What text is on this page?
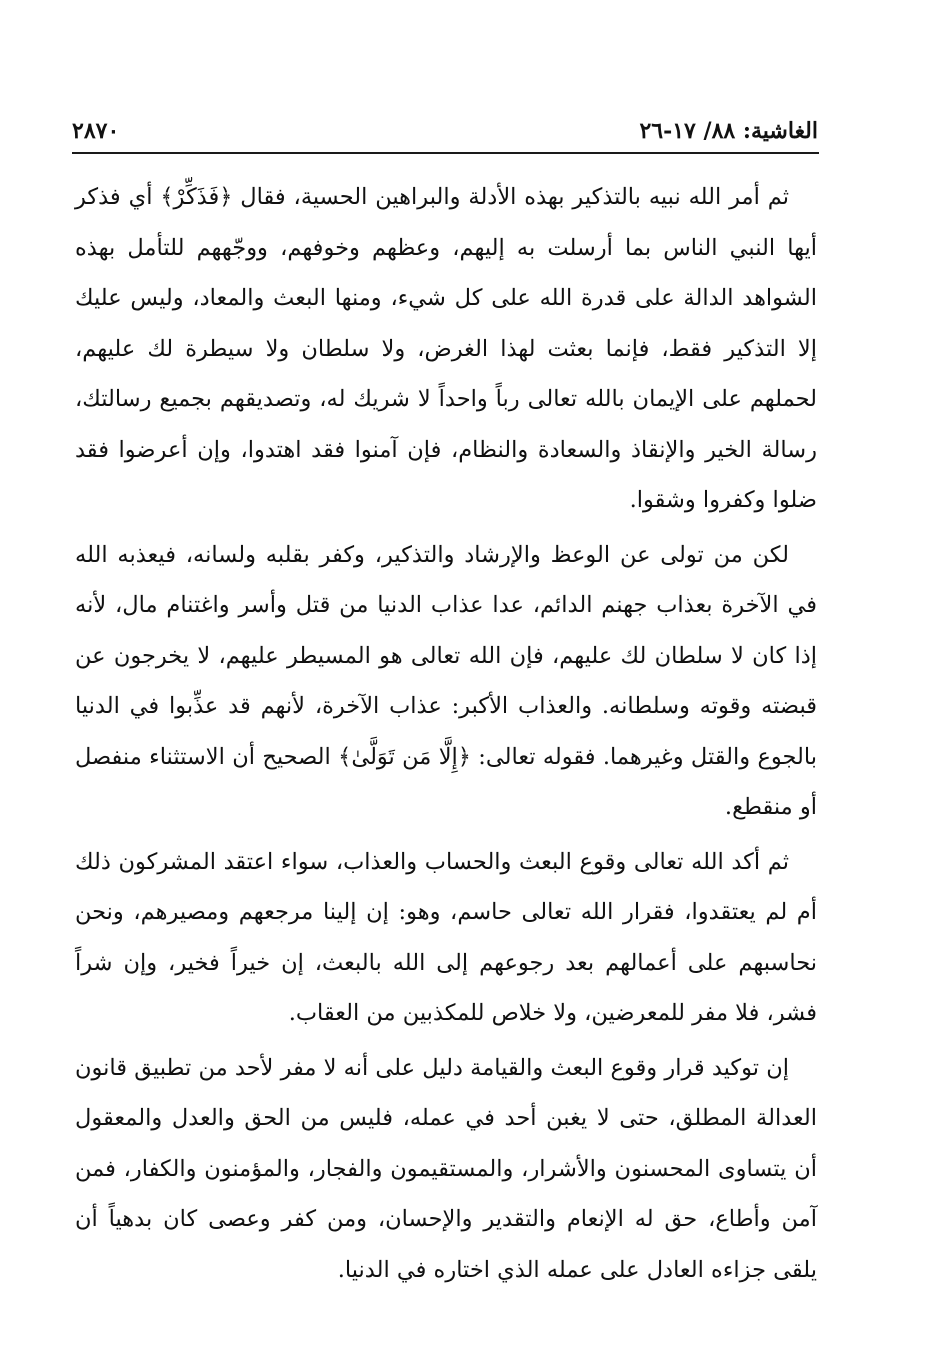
الغاشية: ٨٨/ ١٧-٢٦
٢٨٧٠

ثم أمر الله نبيه بالتذكير بهذه الأدلة والبراهين الحسية، فقال ﴿فَذَكِّرْ﴾ أي فذكر أيها النبي الناس بما أرسلت به إليهم، وعظهم وخوفهم، ووجّههم للتأمل بهذه الشواهد الدالة على قدرة الله على كل شيء، ومنها البعث والمعاد، وليس عليك إلا التذكير فقط، فإنما بعثت لهذا الغرض، ولا سلطان ولا سيطرة لك عليهم، لحملهم على الإيمان بالله تعالى رباً واحداً لا شريك له، وتصديقهم بجميع رسالتك، رسالة الخير والإنقاذ والسعادة والنظام، فإن آمنوا فقد اهتدوا، وإن أعرضوا فقد ضلوا وكفروا وشقوا.

لكن من تولى عن الوعظ والإرشاد والتذكير، وكفر بقلبه ولسانه، فيعذبه الله في الآخرة بعذاب جهنم الدائم، عدا عذاب الدنيا من قتل وأسر واغتنام مال، لأنه إذا كان لا سلطان لك عليهم، فإن الله تعالى هو المسيطر عليهم، لا يخرجون عن قبضته وقوته وسلطانه. والعذاب الأكبر: عذاب الآخرة، لأنهم قد عذِّبوا في الدنيا بالجوع والقتل وغيرهما. فقوله تعالى: ﴿إِلَّا مَن تَوَلَّىٰ﴾ الصحيح أن الاستثناء منفصل أو منقطع.

ثم أكد الله تعالى وقوع البعث والحساب والعذاب، سواء اعتقد المشركون ذلك أم لم يعتقدوا، فقرار الله تعالى حاسم، وهو: إن إلينا مرجعهم ومصيرهم، ونحن نحاسبهم على أعمالهم بعد رجوعهم إلى الله بالبعث، إن خيراً فخير، وإن شراً فشر، فلا مفر للمعرضين، ولا خلاص للمكذبين من العقاب.

إن توكيد قرار وقوع البعث والقيامة دليل على أنه لا مفر لأحد من تطبيق قانون العدالة المطلق، حتى لا يغبن أحد في عمله، فليس من الحق والعدل والمعقول أن يتساوى المحسنون والأشرار، والمستقيمون والفجار، والمؤمنون والكفار، فمن آمن وأطاع، حق له الإنعام والتقدير والإحسان، ومن كفر وعصى كان بدهياً أن يلقى جزاءه العادل على عمله الذي اختاره في الدنيا.
